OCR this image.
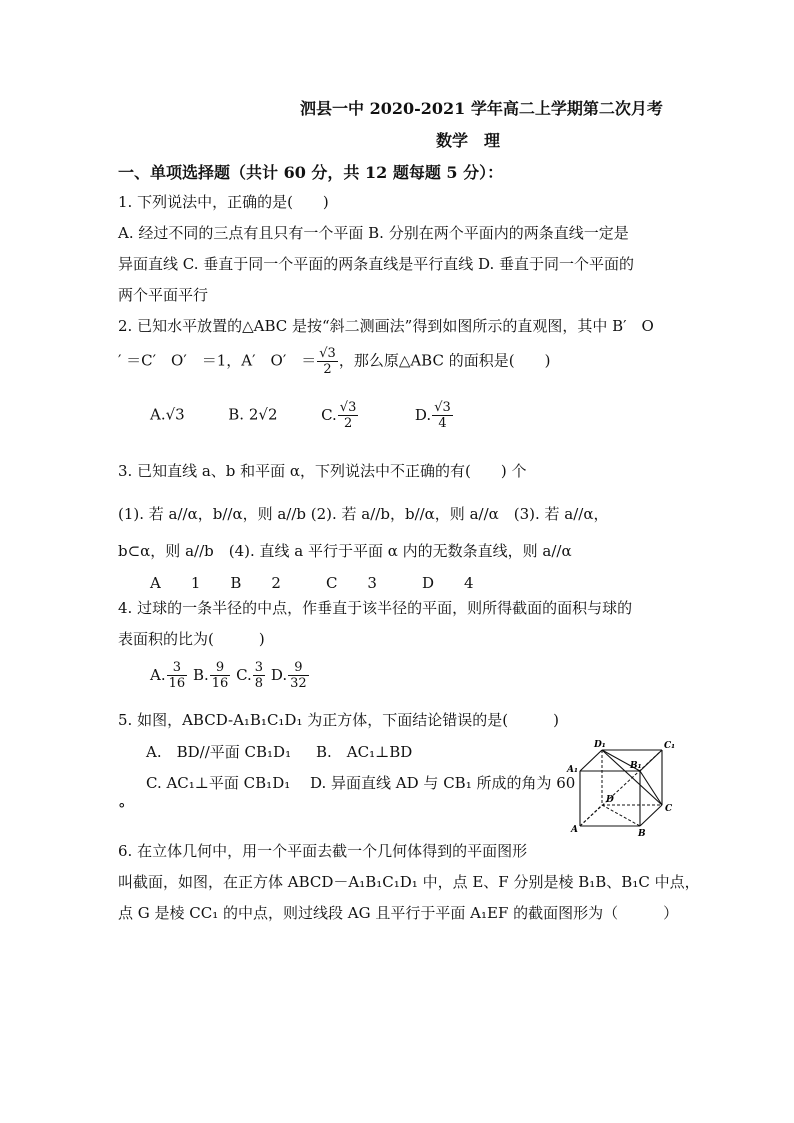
泗县一中 2020-2021 学年高二上学期第二次月考
数学　理
一、单项选择题（共计 60 分，共 12 题每题 5 分）：
1. 下列说法中，正确的是(　　)
A. 经过不同的三点有且只有一个平面 B. 分别在两个平面内的两条直线一定是
异面直线 C. 垂直于同一个平面的两条直线是平行直线 D. 垂直于同一个平面的
两个平面平行
2. 已知水平放置的△ABC 是按“斜二测画法”得到如图所示的直观图，其中 B′　O
′ ＝C′　O′　＝1，A′　O′　＝ $\frac{√3}{2}$ ，那么原△ABC 的面积是(　　)
A.√3	B. 2√2	C. $\frac{√3}{2}$	D. $\frac{√3}{4}$
3. 已知直线 a、b 和平面 α，下列说法中不正确的有(　　) 个
(1). 若 a//α，b//α，则 a//b (2). 若 a//b，b//α，则 a//α　(3). 若 a//α，
b⊂α，则 a//b　(4). 直线 a 平行于平面 α 内的无数条直线，则 a//α
A　　1　　B　　2　　　C　　3　　　D　　4
4. 过球的一条半径的中点，作垂直于该半径的平面，则所得截面的面积与球的
表面积的比为(　　　)
A. $\frac{3}{16} B$. $\frac{9}{16} C$. $\frac{3}{8} D$. $\frac{9}{32}$
5. 如图，ABCD-A₁B₁C₁D₁ 为正方体，下面结论错误的是(　　　)
A.　BD//平面 CB₁D₁ B.　AC₁⊥BD
C. AC₁⊥平面 CB₁D₁　 D. 异面直线 AD 与 CB₁ 所成的角为 60
°
D₁	C₁
A₁	B₁
D
C
A	B
6. 在立体几何中，用一个平面去截一个几何体得到的平面图形
叫截面，如图，在正方体 ABCD－A₁B₁C₁D₁ 中，点 E、F 分别是棱 B₁B、B₁C 中点，
点 G 是棱 CC₁ 的中点，则过线段 AG 且平行于平面 A₁EF 的截面图形为（　　　）
